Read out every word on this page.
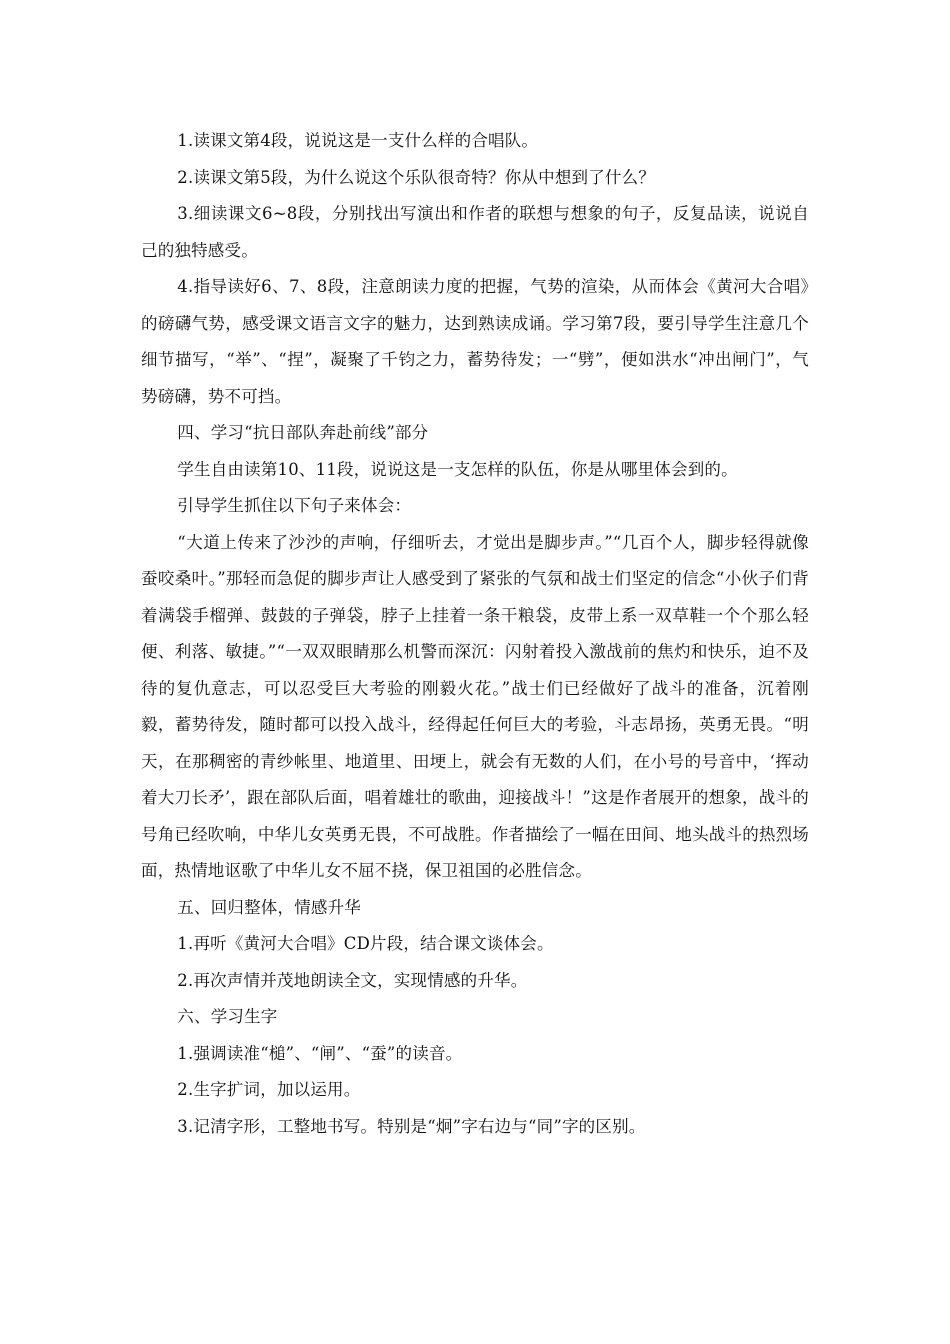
1.读课文第4段，说说这是一支什么样的合唱队。

2.读课文第5段，为什么说这个乐队很奇特？你从中想到了什么？

3.细读课文6~8段，分别找出写演出和作者的联想与想象的句子，反复品读，说说自己的独特感受。

4.指导读好6、7、8段，注意朗读力度的把握，气势的渲染，从而体会《黄河大合唱》的磅礴气势，感受课文语言文字的魅力，达到熟读成诵。学习第7段，要引导学生注意几个细节描写，“举”、“捏”，凝聚了千钧之力，蓄势待发；一“劈”，便如洪水“冲出闸门”，气势磅礴，势不可挡。

四、学习“抗日部队奔赴前线”部分

学生自由读第10、11段，说说这是一支怎样的队伍，你是从哪里体会到的。

引导学生抓住以下句子来体会：

“大道上传来了沙沙的声响，仔细听去，才觉出是脚步声。”“几百个人，脚步轻得就像蚕咬桑叶。”那轻而急促的脚步声让人感受到了紧张的气氛和战士们坚定的信念“小伙子们背着满袋手榴弹、鼓鼓的子弹袋，脖子上挂着一条干粮袋，皮带上系一双草鞋一个个那么轻便、利落、敏捷。”“一双双眼睛那么机警而深沉：闪射着投入激战前的焦灼和快乐，迫不及待的复仇意志，可以忍受巨大考验的刚毅火花。”战士们已经做好了战斗的准备，沉着刚毅，蓄势待发，随时都可以投入战斗，经得起任何巨大的考验，斗志昂扬，英勇无畏。“明天，在那稠密的青纱帐里、地道里、田埂上，就会有无数的人们，在小号的号音中，‘挥动着大刀长矛’，跟在部队后面，唱着雄壮的歌曲，迎接战斗！”这是作者展开的想象，战斗的号角已经吹响，中华儿女英勇无畏，不可战胜。作者描绘了一幅在田间、地头战斗的热烈场面，热情地讴歌了中华儿女不屈不挠，保卫祖国的必胜信念。

五、回归整体，情感升华

1.再听《黄河大合唱》CD片段，结合课文谈体会。

2.再次声情并茂地朗读全文，实现情感的升华。

六、学习生字

1.强调读准“槌”、“闸”、“蚕”的读音。

2.生字扩词，加以运用。

3.记清字形，工整地书写。特别是“炯”字右边与“同”字的区别。
